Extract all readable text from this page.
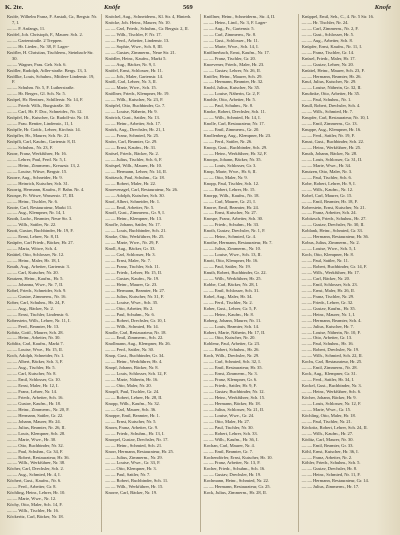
K. 2te.	Knöfe	569	Knofe

Knöfe, Wilhelm Franz, F. Anstalt, Gr., Bergstr. Nr. 7, I.

— — F. Anfangs, 11.

Knöfel, Joh. Christoph, F., Maurer. Sch. 2.

— — Gartenstraße. 2 Treppen.

— — Hr. Lieder., Nr. 38, F. Lager-

Knöfler, H. Christian, Tischlerm., Steinbach-Str. 30.

— — Wagner, Frau. Geh. Sch. 6.

Knöller, Rudolph, Adler-straße. Bergs. 13, 3.

Knöllke, Louis, Schuhm., Mittlere Lindenstr. 19, F.

— — Schuhm. Nr. 5, F. Lutherstraße.

— — Hr. Berger., Gl. Sch. Nr. 5.

Knöpel, Hr. Rentner., Schillerstr. Nr. 14, F.

— — Friedr. Wilh., Burgstraße. 30.

— — Carl, Hr. F. Dor., Schneider., Nr. 12.

Knöpfel, Hr., Kutscher, Gr. Rudolf-str. Nr. 10.

— — Frau. Rentier, Lindenstr., 11, I.

Knöpfle, Hr. Gottfr., Lehrer, Kirchstr. 14.

Knöpfler, Hr., Maurer, Sch. Nr. 21.

Knöpfli, Carl, Kaufm., Gartenstr. 8, II.

— — Schuhm., Nr. 23, F.

Knorr, Franz, Werkführer, Hr. 16.

— — Lehrer, Paul, Ferd. Nr. 5, I.

— — Heinr., Zimmerm., Kreuzstr. 13, 2.

— — Louise, Witwe, Bergstr. 15.

Knorre, Aug., Schneider, Hr. 9.

— — Heinrich, Kutscher, Sch. 31.

Knorrig, Hermann, Kaufm., F. Bahn. Nr. 4.

Knospe, Fr. Witwe, Wasserstr. 17, III.

— — Heinr., Tischler, Nr. 6.

Knote, Carl, Restaurateur, Markt 11.

— — Aug., Klempner, Nr. 14, I.

Knoth, Ludw., Beamter, Neue Str. 3.

— — Wilh., Sattler, Nr. 22.

Knott, Gustav, Buchbinder, Hr. 19, F.

— — Ernst, Lehrer, Nr. 8, II.

Knüpfer, Carl Friedr., Bäcker, Hr. 27.

— — Maria, Witwe, Sch. 4.

Knüttel, Otto, Schlosser, Nr. 12.

— — Heinr., Maler, Hr. 18, I.

Knuth, Aug., Arbeiter, Gartenstr. 3.

— — Carl, Kutscher, Nr. 20.

Knutzen, Heinr., Kaufm., Hr. 5.

— — Johanna, Wwe., Nr. 7, II.

Kobel, Friedr., Schneider, Sch. 9.

— — Gustav, Zimmerm., Nr. 16.

Kober, Carl, Schuhm., Hr. 24, F.

— — Aug., Bäcker, Nr. 2.

— — Ernst, Tischler, Lindenstr. 6.

Koberstein, Wilh., Lehrer, Nr. 11, I.

— — Ferd., Beamter, Hr. 13.

Kobitz, Gottl., Maurer, Sch. 28.

— — Heinr., Arbeiter, Nr. 30.

Koblitz, Carl, Kaufm., Markt 7.

— — Louise, Wwe., Hr. 15, II.

Koch, Adolph, Schneider, Nr. 1.

— — Albert, Bäcker, Sch. 3, F.

— — Aug., Tischler, Hr. 5.

— — Carl, Kutscher, Nr. 8.

— — Emil, Schlosser, Gr. 10.

— — Ernst, Maler, Hr. 12, I.

— — Franz, Lehrer, Nr. 14.

— — Friedr., Arbeiter, Sch. 16.

— — Gustav, Kaufm., Hr. 18.

— — Heinr., Zimmerm., Nr. 20, F.

— — Hermann, Sattler, Gr. 22.

— — Johann, Maurer, Hr. 24.

— — Julius, Beamter, Nr. 26, II.

— — Louis, Klempner, Sch. 28.

— — Marie, Wwe., Hr. 30.

— — Otto, Buchbinder, Nr. 32.

— — Paul, Schuhm., Gr. 34, F.

— — Robert, Restaurateur, Hr. 36.

— — Wilh., Werkführer, Nr. 38.

Köcher, Carl, Drechsler, Sch. 2.

— — Aug., Schmied, Hr. 4, I.

Köchert, Gust., Kaufm., Nr. 6.

— — Ferd., Arbeiter, Gr. 8.

Köchling, Heinr., Lehrer, Hr. 10.

— — Marie, Wwe., Nr. 12.

Köchy, Otto, Maler, Sch. 14, F.

— — Wilh., Tischler, Hr. 16.

Köckeritz, Carl, Bäcker, Nr. 18.

Knöchel, Aug., Schneiderm., Kl. Str. 4, Hinterh.

Knöcke, Joh. Heinr., Maurer, Nr. 10.

— — Carl, Friedr., Schuhm., Gr. Bergstr. 2, II.

— — Wilh., Tischler, F. Nr. 17.

— — Ferd., Arbeiter, Lindenstr. 13.

— — Sophie, Wwe., Sch. 8, III.

— — Gustav, Zimmerm., Neue Str. 21.

Knödler, Heinr., Kaufm., Markt 5.

— — Aug., Bäcker, Nr. 9, I.

Knöfel, Ernst, Schlosser, Hr. 11.

— — Joh., Maler, Gartenstr. 14.

Knöll, Carl, Lehrer, Nr. 3, II.

— — Marie, Wwe., Sch. 15.

Knöllner, Friedr., Klempner, Hr. 19.

— — Wilh., Kutscher, Nr. 23, F.

Knöpfel, Otto, Buchbinder, Gr. 7.

— — Louise, Näherin, Hr. 9.

Knörich, Gust., Sattler, Nr. 13.

— — Heinr., Arbeiter, Sch. 17.

Knörk, Aug., Drechsler, Hr. 21, I.

— — Franz, Schmied, Nr. 25.

Knörr, Carl, Beamter, Gr. 29.

— — Ernst, Kaufm., Hr. 31.

Knösel, Friedr., Bäcker, Nr. 2.

— — Julius, Tischler, Sch. 6, F.

Knöspel, Wilh., Maurer, Hr. 10.

— — Hermann, Lehrer, Nr. 14, II.

Knötzsch, Paul, Schuhm., Gr. 18.

— — Robert, Maler, Hr. 22.

Knoevenagel, Carl, Restaurateur, Nr. 26.

— — Adolph, Kutscher, Sch. 30.

Knof, Albert, Schneider, Hr. 1.

— — Emil, Arbeiter, Nr. 5.

Knoff, Gust., Zimmerm., Gr. 9, I.

— — Heinr., Klempner, Hr. 13.

Knofle, Johann, Sattler, Nr. 17.

— — Louis, Buchbinder, Sch. 21.

Knoke, Otto, Werkführer, Hr. 25.

— — Marie, Wwe., Nr. 29, F.

Knoll, Aug., Bäcker, Gr. 33.

— — Carl, Schlosser, Hr. 3.

— — Ernst, Maler, Nr. 7.

— — Franz, Tischler, Sch. 11.

— — Friedr., Lehrer, Hr. 15, II.

— — Gustav, Kaufm., Nr. 19.

— — Heinr., Maurer, Gr. 23.

— — Hermann, Beamter, Hr. 27.

— — Julius, Kutscher, Nr. 31, F.

— — Louise, Wwe., Sch. 35.

— — Otto, Arbeiter, Hr. 2.

— — Paul, Schuhm., Nr. 6.

— — Robert, Drechsler, Gr. 10, I.

— — Wilh., Schmied, Hr. 14.

Knolle, Carl, Restaurateur, Nr. 18.

— — Emil, Zimmerm., Sch. 22.

Knollmann, Aug., Klempner, Hr. 26.

— — Ferd., Sattler, Nr. 30.

Knop, Gust., Buchbinder, Gr. 34.

— — Heinr., Werkführer, Hr. 4.

Knopf, Johann, Bäcker, Nr. 8.

— — Louis, Schlosser, Sch. 12, F.

— — Marie, Näherin, Hr. 16.

— — Otto, Maler, Nr. 20.

Knopff, Paul, Tischler, Gr. 24.

— — Robert, Lehrer, Hr. 28, II.

Knopp, Wilh., Kaufm., Nr. 32.

— — Carl, Maurer, Sch. 36.

Knoppe, Emil, Beamter, Hr. 1.

— — Ernst, Kutscher, Nr. 5.

Knorn, Franz, Arbeiter, Gr. 9.

— — Friedr., Schuhm., Hr. 13, I.

Knorpel, Gustav, Drechsler, Nr. 17.

— — Heinr., Schmied, Sch. 21.

Knorr, Hermann, Restaurateur, Hr. 25.

— — Julius, Zimmerm., Nr. 29.

— — Louise, Wwe., Gr. 33, F.

— — Otto, Klempner, Hr. 3.

— — Paul, Sattler, Nr. 7.

— — Robert, Buchbinder, Sch. 11.

— — Wilh., Werkführer, Hr. 15.

Knorre, Carl, Bäcker, Nr. 19.

Knöllner, Heinr., Schneiderm., Str. 4, II.

— — Heinr., Lind., Nr. 3, F. Lager-

— — Aug., Fr., Gartenstr. 5.

— — Carl, Zimmerm., Nr. 8.

— — Gust., Schlosser., Hr. 11.

— — Marie, Wwe., Sch. 14, I.

Knöllnerbach, Ernst, Kaufm., Nr. 17.

— — Franz, Tischler, Gr. 20.

Knoevener, Friedr., Maler, Hr. 23.

— — Gustav, Lehrer, Nr. 26, II.

Knöfler, Heinr., Maurer, Sch. 29.

— — Hermann, Beamter, Hr. 32.

Knohl, Julius, Kutscher, Nr. 35.

— — Louise, Näherin, Gr. 2, F.

Knohle, Otto, Arbeiter, Hr. 5.

— — Paul, Schuhm., Nr. 8.

Knoke, Robert, Drechsler, Sch. 11.

— — Wilh., Schmied, Hr. 14, I.

Knolle, Carl, Restaurateur, Nr. 17.

— — Emil, Zimmerm., Gr. 20.

Knollenberg, Aug., Klempner, Hr. 23.

— — Ferd., Sattler, Nr. 26.

Knoop, Gust., Buchbinder, Sch. 29.

— — Heinr., Werkführer, Hr. 32, F.

Knoops, Johann, Bäcker, Nr. 35.

— — Louis, Schlosser, Gr. 3.

Knop, Marie, Wwe., Hr. 6, II.

— — Otto, Maler, Nr. 9.

Knopp, Paul, Tischler, Sch. 12.

— — Robert, Lehrer, Hr. 15.

Knorpp, Wilh., Kaufm., Nr. 18.

— — Carl, Maurer, Gr. 21, I.

Knorre, Emil, Beamter, Hr. 24.

— — Ernst, Kutscher, Nr. 27.

Knospe, Franz, Arbeiter, Sch. 30.

— — Friedr., Schuhm., Hr. 33.

Knoth, Gustav, Drechsler, Nr. 1, F.

— — Heinr., Schmied, Gr. 4.

Knothe, Hermann, Restaurateur, Hr. 7.

— — Julius, Zimmerm., Nr. 10.

— — Louise, Wwe., Sch. 13, II.

Knott, Otto, Klempner, Hr. 16.

— — Paul, Sattler, Nr. 19.

Knuth, Robert, Buchbinder, Gr. 22.

— — Wilh., Werkführer, Hr. 25.

Kobbe, Carl, Bäcker, Nr. 28, I.

— — Emil, Schlosser, Sch. 31.

Kobel, Aug., Maler, Hr. 34.

— — Ferd., Tischler, Nr. 2.

Kober, Gust., Lehrer, Gr. 5, F.

— — Heinr., Kaufm., Hr. 8.

Koberg, Johann, Maurer, Nr. 11.

— — Louis, Beamter, Sch. 14.

Kobert, Marie, Näherin, Hr. 17, II.

— — Otto, Kutscher, Nr. 20.

Koblenz, Paul, Arbeiter, Gr. 23.

— — Robert, Schuhm., Hr. 26.

Koch, Wilh., Drechsler, Nr. 29.

— — Carl, Schmied, Sch. 32, I.

— — Emil, Restaurateur, Hr. 35.

— — Ernst, Zimmerm., Nr. 3.

— — Franz, Klempner, Gr. 6.

— — Friedr., Sattler, Hr. 9, F.

— — Gustav, Buchbinder, Nr. 12.

— — Heinr., Werkführer, Sch. 15.

— — Hermann, Bäcker, Hr. 18.

— — Julius, Schlosser, Nr. 21, II.

— — Louise, Wwe., Gr. 24.

— — Otto, Maler, Hr. 27.

— — Paul, Tischler, Nr. 30.

— — Robert, Lehrer, Sch. 33.

— — Wilh., Kaufm., Hr. 36, I.

Kochan, Carl, Maurer, Nr. 4.

— — Emil, Beamter, Gr. 7.

Kochendörfer, Ernst, Kutscher, Hr. 10.

— — Franz, Arbeiter, Nr. 13, F.

Kocher, Friedr., Schuhm., Sch. 16.

— — Gustav, Drechsler, Hr. 19.

Kochmann, Heinr., Schmied, Nr. 22.

— — Hermann, Restaurateur, Gr. 25.

Kock, Julius, Zimmerm., Hr. 28, II.

Knüppel, Emil, Seh., C., 4. Nr. 5 Str. 16.

— — Hr. Tischler, Nr. 24.

— — Carl, Zimmerm., Nr. 2, F.

— — Gust., Schlosser, Hr. 5.

— — Aug., Arbeiter, Sch. 8.

Knüpfer, Ernst, Kaufm., Nr. 11, I.

— — Franz, Tischler, Gr. 14.

Knüsel, Friedr., Maler, Hr. 17.

— — Gustav, Lehrer, Nr. 20.

Knüttel, Heinr., Maurer, Sch. 23, F.

— — Hermann, Beamter, Hr. 26.

Knuf, Julius, Kutscher, Nr. 29.

— — Louise, Näherin, Gr. 32, II.

Knufinke, Otto, Arbeiter, Hr. 35.

— — Paul, Schuhm., Nr. 1.

Knull, Robert, Drechsler, Sch. 4.

— — Wilh., Schmied, Hr. 7.

Knupfer, Carl, Restaurateur, Nr. 10, I.

— — Emil, Zimmerm., Gr. 13.

Knuppe, Aug., Klempner, Hr. 16.

— — Ferd., Sattler, Nr. 19, F.

Knust, Gust., Buchbinder, Sch. 22.

— — Heinr., Werkführer, Hr. 25.

Knuth, Johann, Bäcker, Nr. 28.

— — Louis, Schlosser, Gr. 31, II.

— — Marie, Wwe., Hr. 34.

Knutzen, Otto, Maler, Nr. 3.

— — Paul, Tischler, Sch. 6.

Kobe, Robert, Lehrer, Hr. 9, I.

— — Wilh., Kaufm., Nr. 12.

Kobel, Carl, Maurer, Gr. 15.

— — Emil, Beamter, Hr. 18, F.

Koberstein, Ernst, Kutscher, Nr. 21.

— — Franz, Arbeiter, Sch. 24.

Kobitzsch, Friedr., Schuhm., Hr. 27.

— — Gustav, Drechsler, Nr. 30, II.

Koblank, Heinr., Schmied, Gr. 33.

— — Hermann, Restaurateur, Hr. 36.

Kobus, Julius, Zimmerm., Nr. 2.

— — Louise, Wwe., Sch. 5, I.

Koch, Otto, Klempner, Hr. 8.

— — Paul, Sattler, Nr. 11.

— — Robert, Buchbinder, Gr. 14, F.

— — Wilh., Werkführer, Hr. 17.

— — Carl, Bäcker, Nr. 20.

— — Emil, Schlosser, Sch. 23.

— — Ernst, Maler, Hr. 26, II.

— — Franz, Tischler, Nr. 29.

— — Friedr., Lehrer, Gr. 32.

— — Gustav, Kaufm., Hr. 35.

— — Heinr., Maurer, Nr. 1, I.

— — Hermann, Beamter, Sch. 4.

— — Julius, Kutscher, Hr. 7.

— — Louise, Näherin, Nr. 10, F.

— — Otto, Arbeiter, Gr. 13.

— — Paul, Schuhm., Hr. 16.

— — Robert, Drechsler, Nr. 19.

— — Wilh., Schmied, Sch. 22, II.

Kochs, Carl, Restaurateur, Hr. 25.

— — Emil, Zimmerm., Nr. 28.

Kock, Aug., Klempner, Gr. 31.

— — Ferd., Sattler, Hr. 34, I.

Kockel, Gust., Buchbinder, Nr. 3.

— — Heinr., Werkführer, Sch. 6.

Köcher, Johann, Bäcker, Hr. 9.

— — Louis, Schlosser, Nr. 12, F.

— — Marie, Wwe., Gr. 15.

Köchling, Otto, Maler, Hr. 18.

— — Paul, Tischler, Nr. 21.

Köckritz, Robert, Lehrer, Sch. 24, II.

— — Wilh., Kaufm., Hr. 27.

Köditz, Carl, Maurer, Nr. 30.

— — Emil, Beamter, Gr. 33.

Köhl, Ernst, Kutscher, Hr. 36, I.

— — Franz, Arbeiter, Nr. 2.

Köhler, Friedr., Schuhm., Sch. 5.

— — Gustav, Drechsler, Hr. 8.

— — Heinr., Schmied, Nr. 11, F.

— — Hermann, Restaurateur, Gr. 14.

— — Julius, Zimmerm., Hr. 17.
